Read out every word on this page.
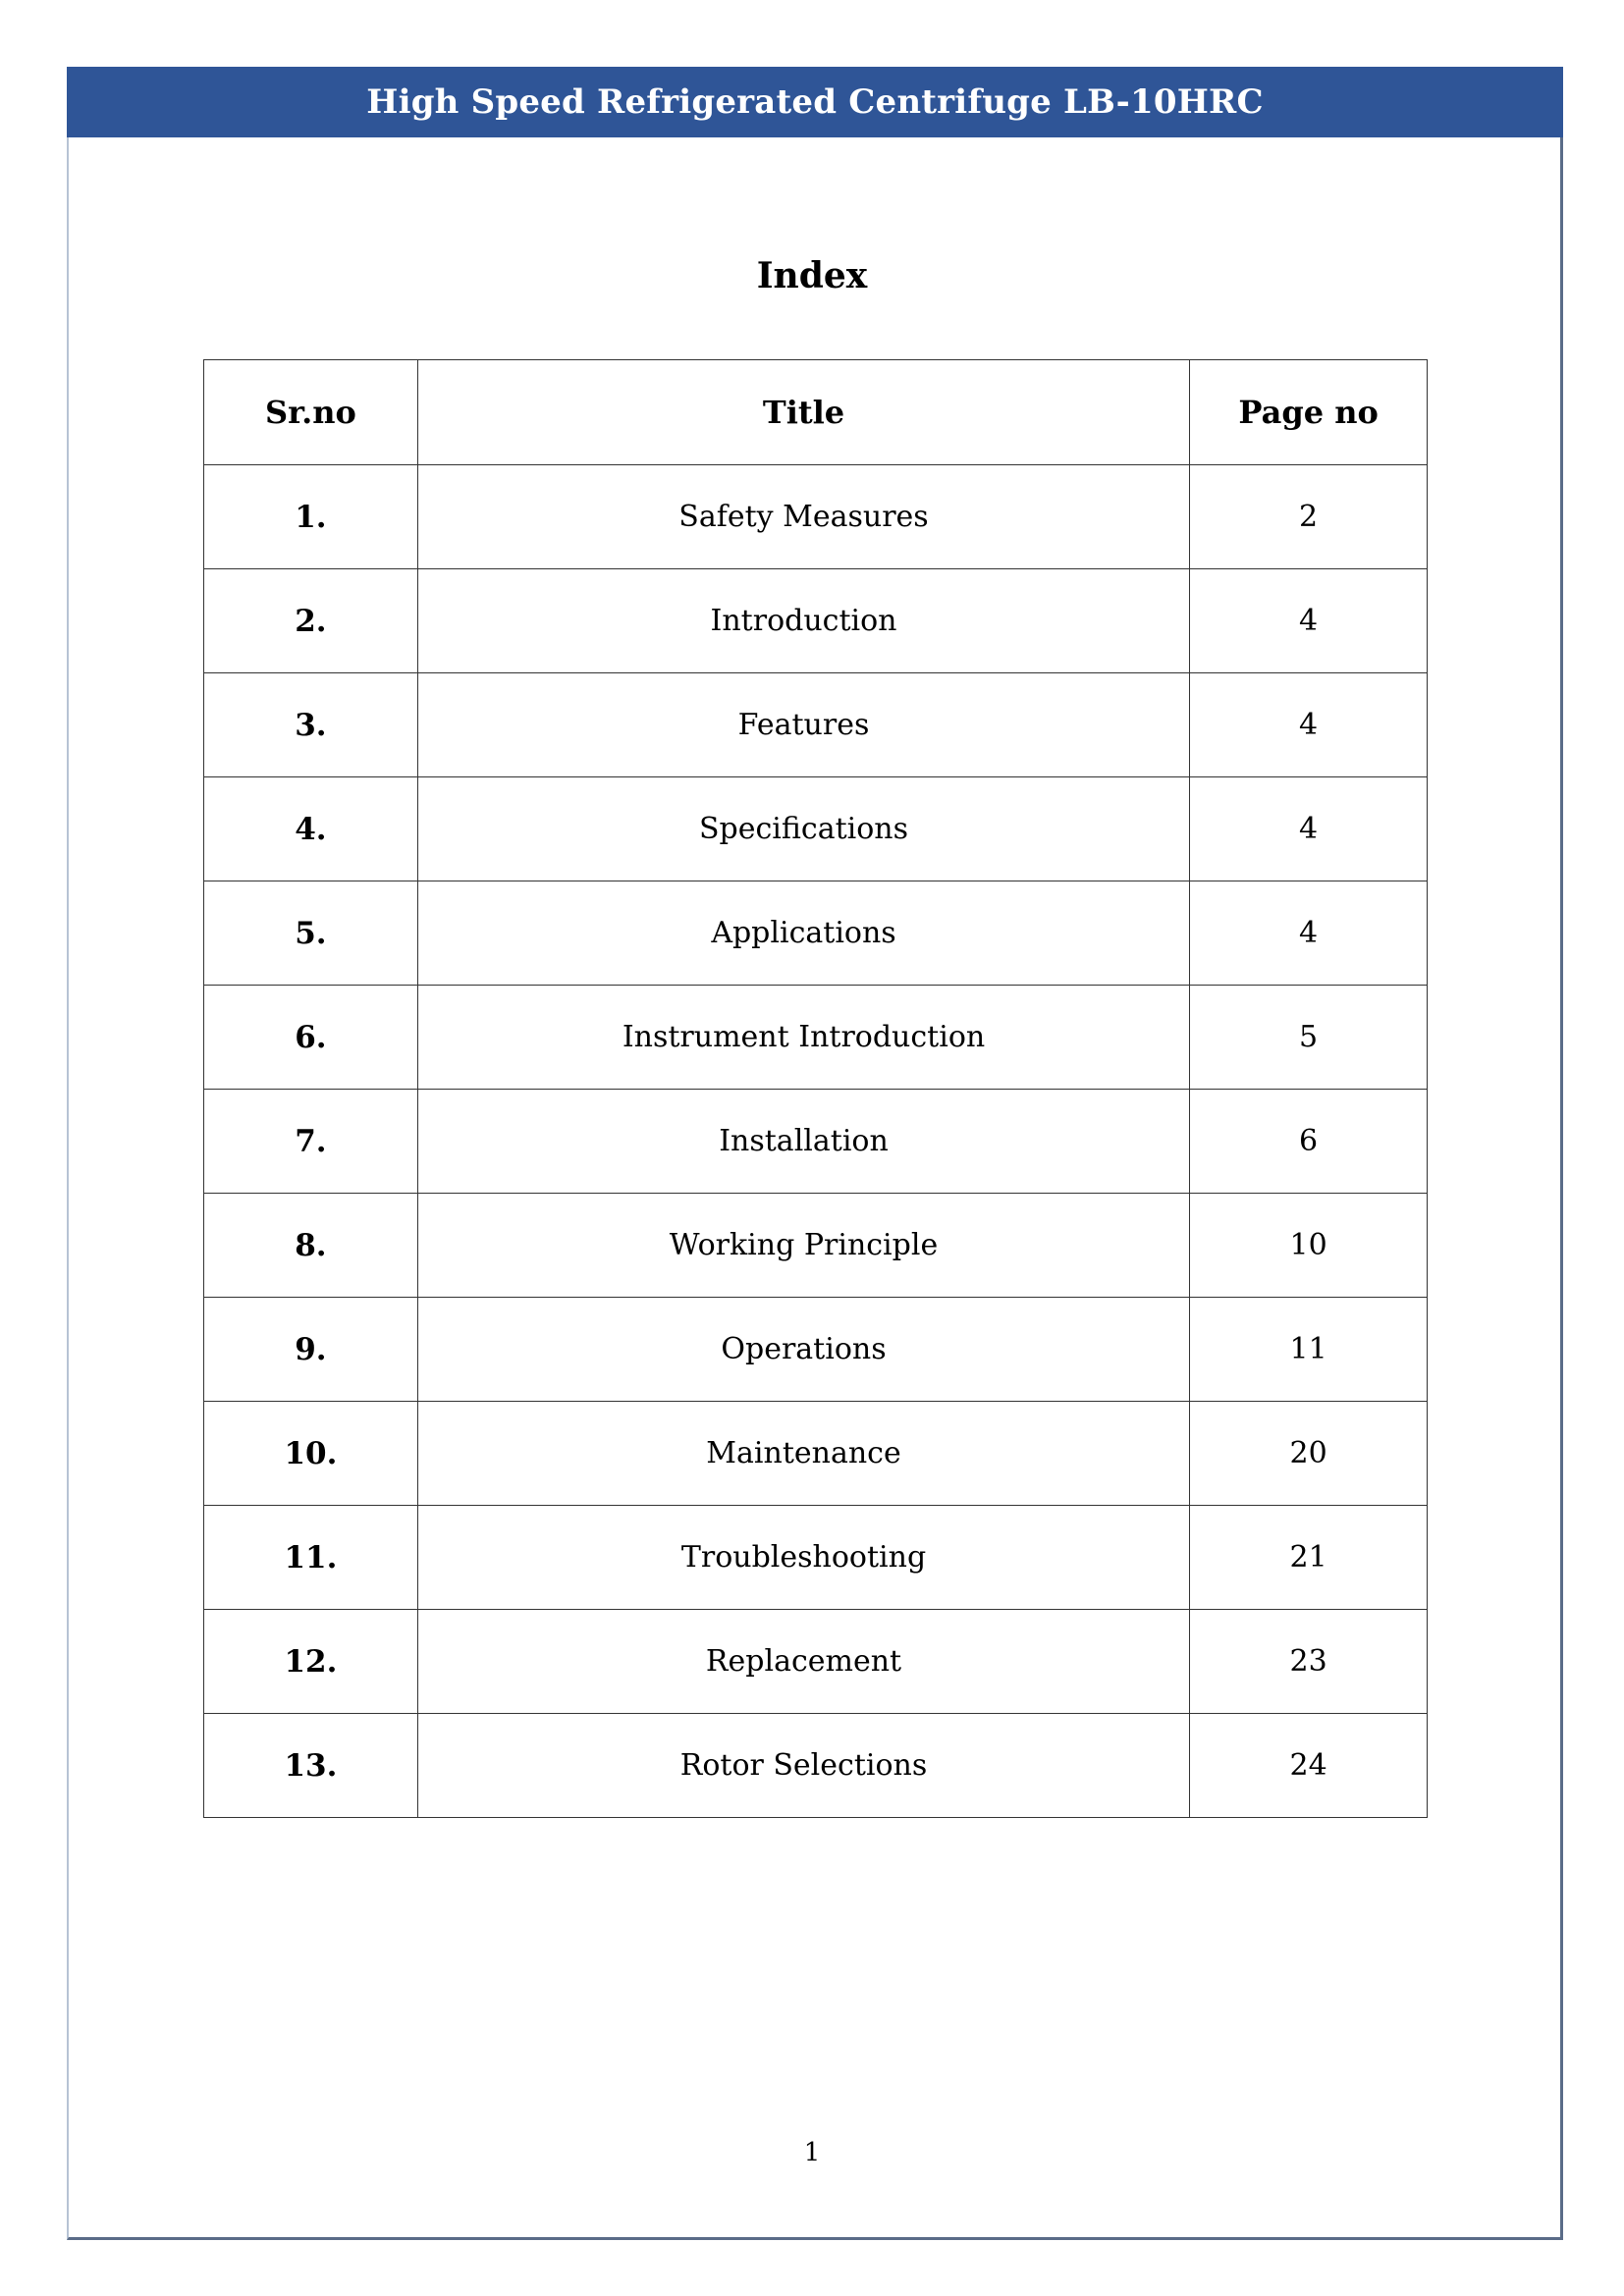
High Speed Refrigerated Centrifuge LB-10HRC
Index
Sr.no	Title	Page no
1.	Safety Measures	2
2.	Introduction	4
3.	Features	4
4.	Specifications	4
5.	Applications	4
6.	Instrument Introduction	5
7.	Installation	6
8.	Working Principle	10
9.	Operations	11
10.	Maintenance	20
11.	Troubleshooting	21
12.	Replacement	23
13.	Rotor Selections	24
1
